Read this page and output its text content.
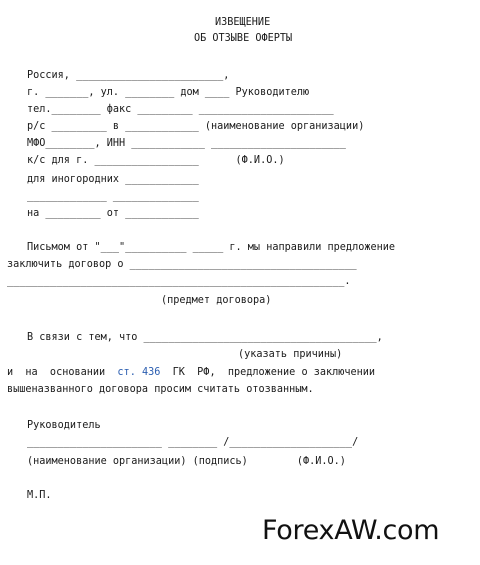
ИЗВЕЩЕНИЕ
ОБ ОТЗЫВЕ ОФЕРТЫ
Россия, ________________________,
г. _______, ул. ________ дом ____ Руководителю
тел.________ факс _________ ______________________
р/с _________ в ____________ (наименование организации)
МФО________, ИНН ____________ ______________________
к/с для г. _________________      (Ф.И.О.)
для иногородних ____________
_____________ ______________
на _________ от ____________
Письмом от "___"__________ _____ г. мы направили предложение
заключить договор о _____________________________________
_______________________________________________________.
(предмет договора)
В связи с тем, что ______________________________________,
(указать причины)
и  на  основании ст. 436 ГК  РФ,  предложение о заключении
вышеназванного договора просим считать отозванным.
Руководитель
______________________ ________ /____________________/
(наименование организации) (подпись)        (Ф.И.О.)
М.П.
ForexAW.com
